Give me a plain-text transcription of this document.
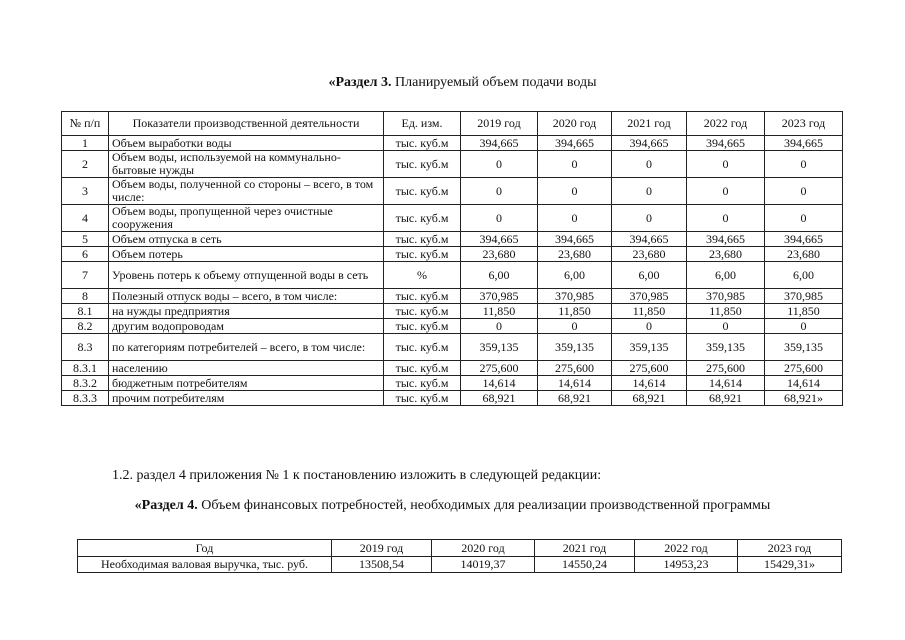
«Раздел 3. Планируемый объем подачи воды
№ п/п	Показатели производственной деятельности	Ед. изм.	2019 год	2020 год	2021 год	2022 год	2023 год
1	Объем выработки воды	тыс. куб.м	394,665	394,665	394,665	394,665	394,665
2	Объем воды, используемой на коммунально-бытовые нужды	тыс. куб.м	0	0	0	0	0
3	Объем воды, полученной со стороны – всего, в том числе:	тыс. куб.м	0	0	0	0	0
4	Объем воды, пропущенной через очистные сооружения	тыс. куб.м	0	0	0	0	0
5	Объем отпуска в сеть	тыс. куб.м	394,665	394,665	394,665	394,665	394,665
6	Объем потерь	тыс. куб.м	23,680	23,680	23,680	23,680	23,680
7	Уровень потерь к объему отпущенной воды в сеть	%	6,00	6,00	6,00	6,00	6,00
8	Полезный отпуск воды – всего, в том числе:	тыс. куб.м	370,985	370,985	370,985	370,985	370,985
8.1	на нужды предприятия	тыс. куб.м	11,850	11,850	11,850	11,850	11,850
8.2	другим водопроводам	тыс. куб.м	0	0	0	0	0
8.3	по категориям потребителей – всего, в том числе:	тыс. куб.м	359,135	359,135	359,135	359,135	359,135
8.3.1	населению	тыс. куб.м	275,600	275,600	275,600	275,600	275,600
8.3.2	бюджетным потребителям	тыс. куб.м	14,614	14,614	14,614	14,614	14,614
8.3.3	прочим потребителям	тыс. куб.м	68,921	68,921	68,921	68,921	68,921»
1.2. раздел 4 приложения № 1 к постановлению изложить в следующей редакции:
«Раздел 4. Объем финансовых потребностей, необходимых для реализации производственной программы
Год	2019 год	2020 год	2021 год	2022 год	2023 год
Необходимая валовая выручка, тыс. руб.	13508,54	14019,37	14550,24	14953,23	15429,31»
